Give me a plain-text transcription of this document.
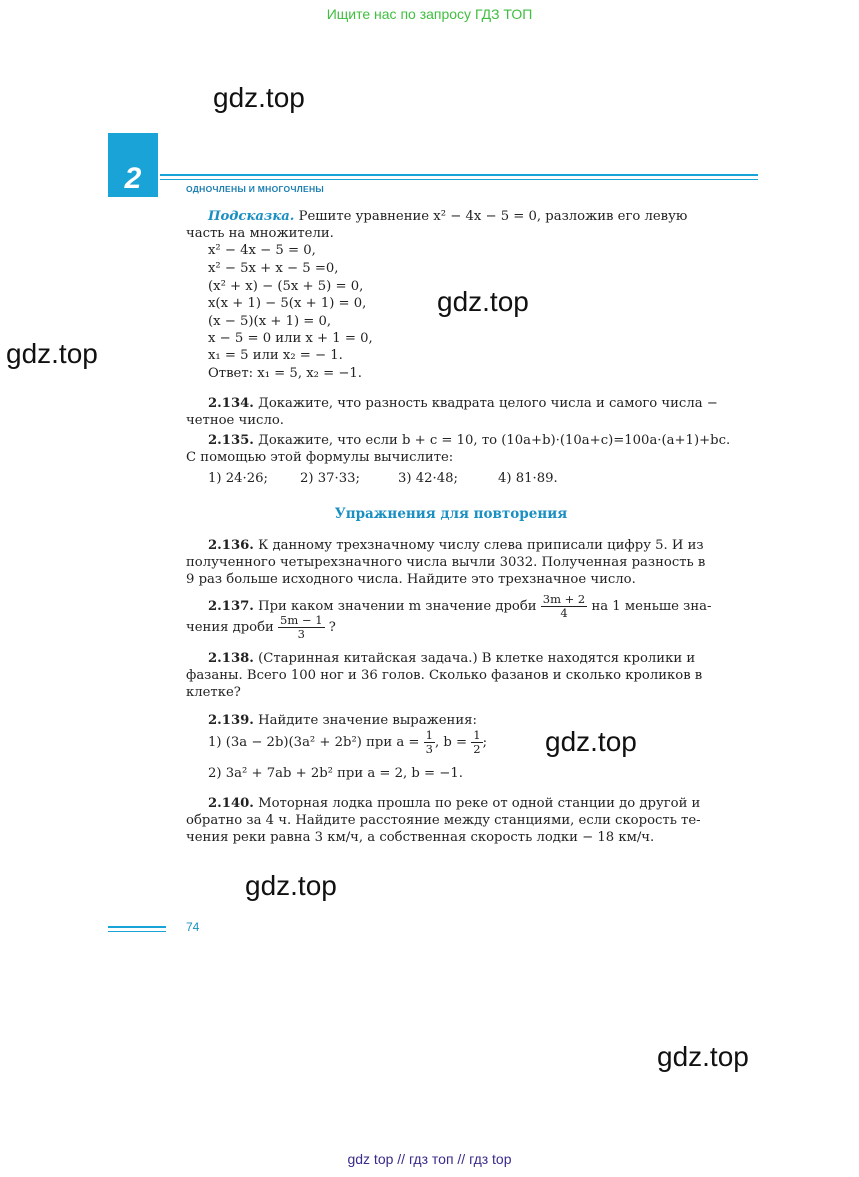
Ищите нас по запросу ГДЗ ТОП
gdz.top
gdz.top
gdz.top
gdz.top
gdz.top
gdz.top
2	ОДНОЧЛЕНЫ И МНОГОЧЛЕНЫ
Подсказка. Решите уравнение x² − 4x − 5 = 0, разложив его левую
часть на множители.
x² − 4x − 5 = 0,
x² − 5x + x − 5 =0,
(x² + x) − (5x + 5) = 0,
x(x + 1) − 5(x + 1) = 0,
(x − 5)(x + 1) = 0,
x − 5 = 0 или x + 1 = 0,
x₁ = 5 или x₂ = − 1.
Ответ: x₁ = 5, x₂ = −1.
2.134. Докажите, что разность квадрата целого числа и самого числа −
четное число.
2.135. Докажите, что если b + c = 10, то (10a+b)·(10a+c)=100a·(a+1)+bc.
С помощью этой формулы вычислите:
1) 24·26; 2) 37·33;	3) 42·48;	4) 81·89.
Упражнения для повторения
2.136. К данному трехзначному числу слева приписали цифру 5. И из
полученного четырехзначного числа вычли 3032. Полученная разность в
9 раз больше исходного числа. Найдите это трехзначное число.
2.137. При каком значении m значение дроби $\frac{3m + 2}{4}$ на 1 меньше зна-
чения дроби $\frac{5m - 1}{3}$ ?
2.138. (Старинная китайская задача.) В клетке находятся кролики и
фазаны. Всего 100 ног и 36 голов. Сколько фазанов и сколько кроликов в
клетке?
2.139. Найдите значение выражения:
1) (3a − 2b)(3a² + 2b²) при $a = \frac{1}{3}$ , $b = \frac{1}{2}$ ;
2) 3a² + 7ab + 2b² при a = 2, b = −1.
2.140. Моторная лодка прошла по реке от одной станции до другой и
обратно за 4 ч. Найдите расстояние между станциями, если скорость те-
чения реки равна 3 км/ч, а собственная скорость лодки − 18 км/ч.
74
gdz top // гдз топ // гдз top
